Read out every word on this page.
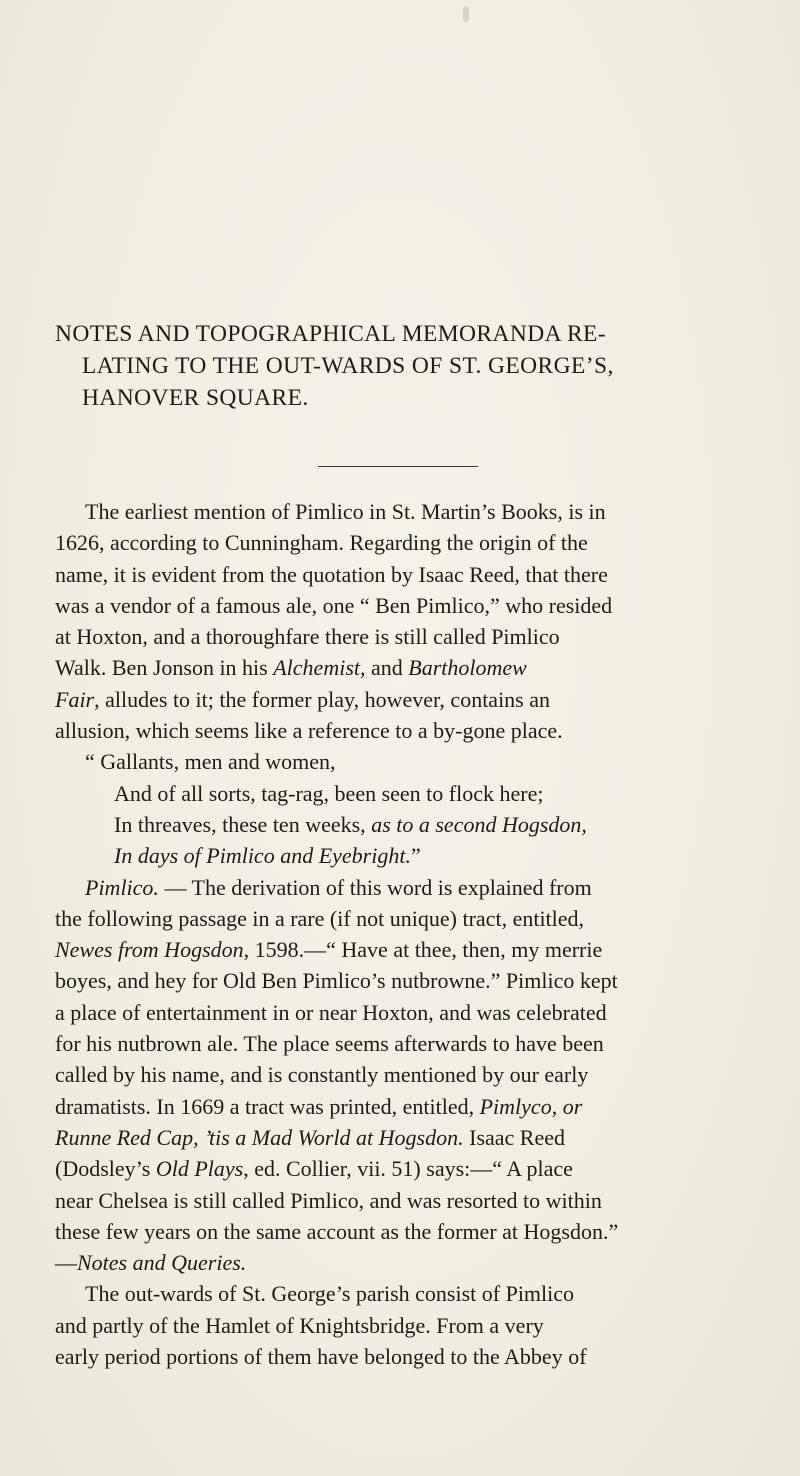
NOTES AND TOPOGRAPHICAL MEMORANDA RE-
LATING TO THE OUT-WARDS OF ST. GEORGE’S,
HANOVER SQUARE.
The earliest mention of Pimlico in St. Martin’s Books, is in
1626, according to Cunningham. Regarding the origin of the
name, it is evident from the quotation by Isaac Reed, that there
was a vendor of a famous ale, one “ Ben Pimlico,” who resided
at Hoxton, and a thoroughfare there is still called Pimlico
Walk. Ben Jonson in his Alchemist, and Bartholomew
Fair, alludes to it; the former play, however, contains an
allusion, which seems like a reference to a by-gone place.
“ Gallants, men and women,
And of all sorts, tag-rag, been seen to flock here;
In threaves, these ten weeks, as to a second Hogsdon,
In days of Pimlico and Eyebright.”
Pimlico. — The derivation of this word is explained from
the following passage in a rare (if not unique) tract, entitled,
Newes from Hogsdon, 1598.—“ Have at thee, then, my merrie
boyes, and hey for Old Ben Pimlico’s nutbrowne.” Pimlico kept
a place of entertainment in or near Hoxton, and was celebrated
for his nutbrown ale. The place seems afterwards to have been
called by his name, and is constantly mentioned by our early
dramatists. In 1669 a tract was printed, entitled, Pimlyco, or
Runne Red Cap, ’tis a Mad World at Hogsdon. Isaac Reed
(Dodsley’s Old Plays, ed. Collier, vii. 51) says:—“ A place
near Chelsea is still called Pimlico, and was resorted to within
these few years on the same account as the former at Hogsdon.”
—Notes and Queries.
The out-wards of St. George’s parish consist of Pimlico
and partly of the Hamlet of Knightsbridge. From a very
early period portions of them have belonged to the Abbey of
